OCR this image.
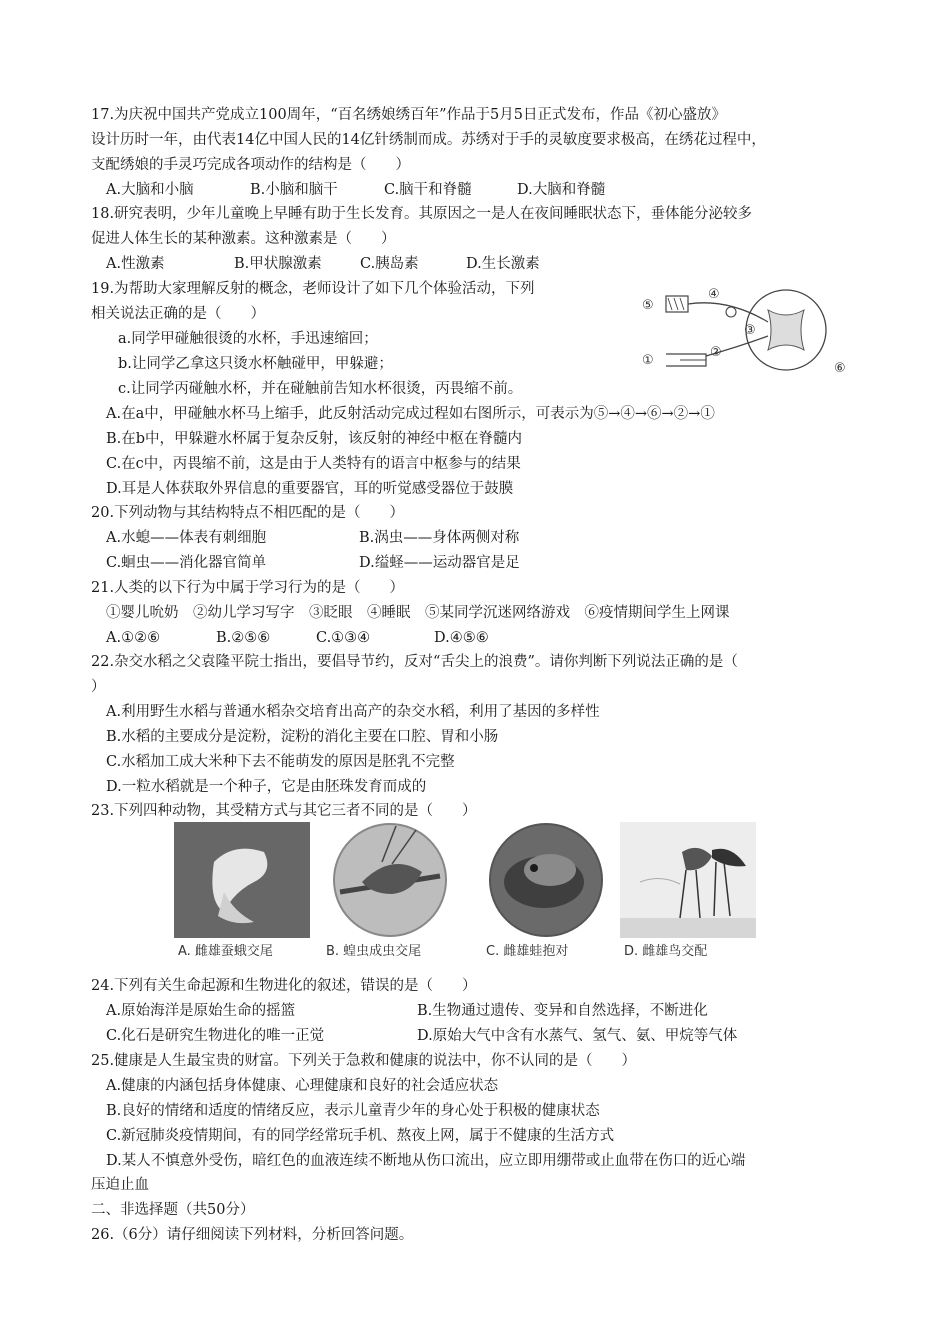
17.为庆祝中国共产党成立100周年，“百名绣娘绣百年”作品于5月5日正式发布，作品《初心盛放》
设计历时一年，由代表14亿中国人民的14亿针绣制而成。苏绣对于手的灵敏度要求极高，在绣花过程中，
支配绣娘的手灵巧完成各项动作的结构是（　　）
A.大脑和小脑	B.小脑和脑干	C.脑干和脊髓	D.大脑和脊髓
18.研究表明，少年儿童晚上早睡有助于生长发育。其原因之一是人在夜间睡眠状态下，垂体能分泌较多
促进人体生长的某种激素。这种激素是（　　）
A.性激素	B.甲状腺激素	C.胰岛素	D.生长激素
19.为帮助大家理解反射的概念，老师设计了如下几个体验活动，下列
相关说法正确的是（　　）
a.同学甲碰触很烫的水杯，手迅速缩回；
b.让同学乙拿这只烫水杯触碰甲，甲躲避；
c.让同学丙碰触水杯，并在碰触前告知水杯很烫，丙畏缩不前。
A.在a中，甲碰触水杯马上缩手，此反射活动完成过程如右图所示，可表示为⑤→④→⑥→②→①
B.在b中，甲躲避水杯属于复杂反射，该反射的神经中枢在脊髓内
C.在c中，丙畏缩不前，这是由于人类特有的语言中枢参与的结果
D.耳是人体获取外界信息的重要器官，耳的听觉感受器位于鼓膜
⑤
④
③
①
②
⑥
20.下列动物与其结构特点不相匹配的是（　　）
A.水螅——体表有刺细胞	B.涡虫——身体两侧对称
C.蛔虫——消化器官简单	D.缢蛏——运动器官是足
21.人类的以下行为中属于学习行为的是（　　）
①婴儿吮奶　②幼儿学习写字　③眨眼　④睡眠　⑤某同学沉迷网络游戏　⑥疫情期间学生上网课
A.①②⑥	B.②⑤⑥	C.①③④	D.④⑤⑥
22.杂交水稻之父袁隆平院士指出，要倡导节约，反对“舌尖上的浪费”。请你判断下列说法正确的是（
）
A.利用野生水稻与普通水稻杂交培育出高产的杂交水稻，利用了基因的多样性
B.水稻的主要成分是淀粉，淀粉的消化主要在口腔、胃和小肠
C.水稻加工成大米种下去不能萌发的原因是胚乳不完整
D.一粒水稻就是一个种子，它是由胚珠发育而成的
23.下列四种动物，其受精方式与其它三者不同的是（　　）
A. 雌雄蚕蛾交尾	B. 蝗虫成虫交尾	C. 雌雄蛙抱对	D. 雌雄鸟交配
24.下列有关生命起源和生物进化的叙述，错误的是（　　）
A.原始海洋是原始生命的摇篮	B.生物通过遗传、变异和自然选择，不断进化
C.化石是研究生物进化的唯一正觉	D.原始大气中含有水蒸气、氢气、氨、甲烷等气体
25.健康是人生最宝贵的财富。下列关于急救和健康的说法中，你不认同的是（　　）
A.健康的内涵包括身体健康、心理健康和良好的社会适应状态
B.良好的情绪和适度的情绪反应，表示儿童青少年的身心处于积极的健康状态
C.新冠肺炎疫情期间，有的同学经常玩手机、熬夜上网，属于不健康的生活方式
D.某人不慎意外受伤，暗红色的血液连续不断地从伤口流出，应立即用绷带或止血带在伤口的近心端
压迫止血
二、非选择题（共50分）
26.（6分）请仔细阅读下列材料，分析回答问题。
